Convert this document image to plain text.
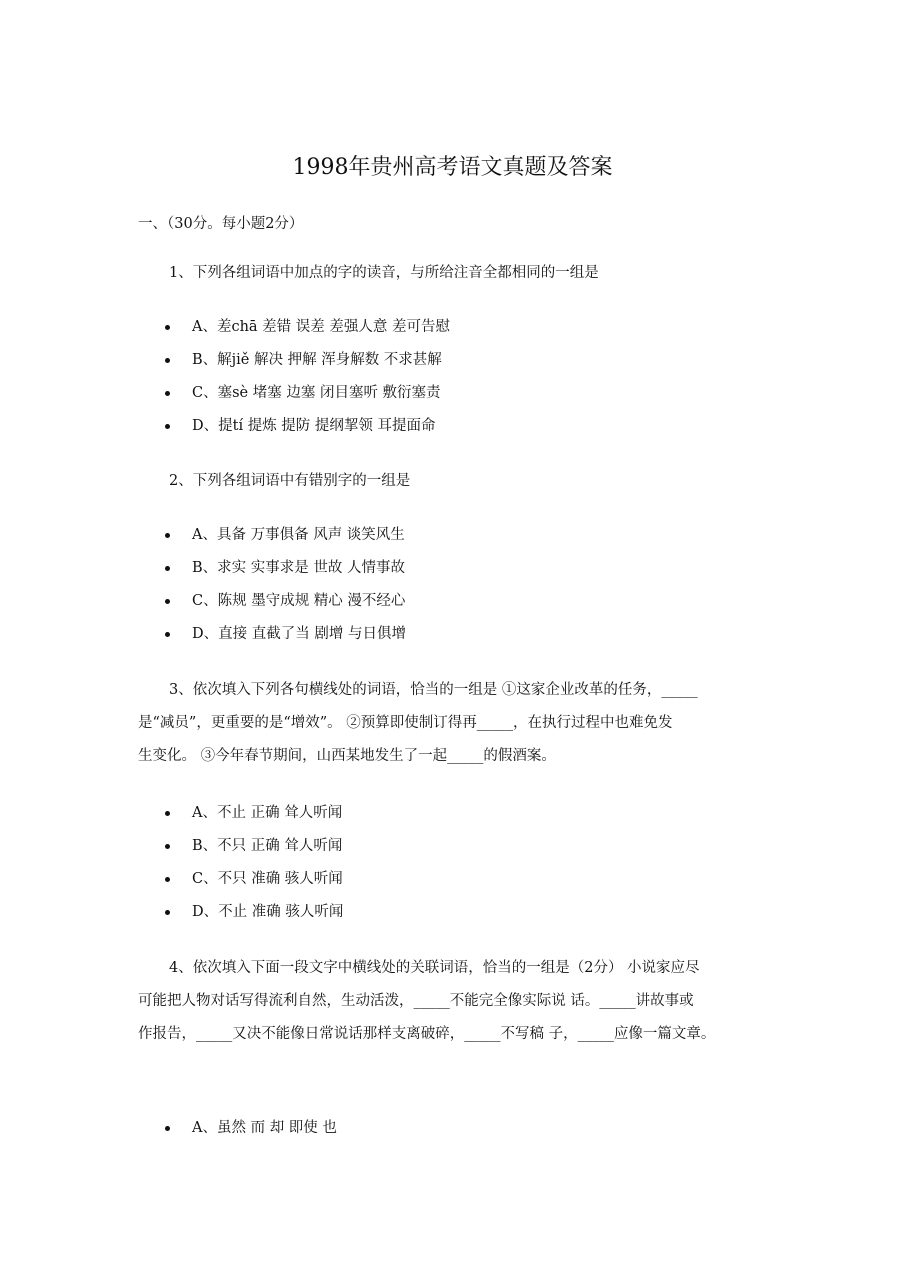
1998年贵州高考语文真题及答案
一、（30分。每小题2分）
1、下列各组词语中加点的字的读音，与所给注音全都相同的一组是
A、差chā 差错 误差 差强人意 差可告慰
B、解jiě 解决 押解 浑身解数 不求甚解
C、塞sè 堵塞 边塞 闭目塞听 敷衍塞责
D、提tí 提炼 提防 提纲挈领 耳提面命
2、下列各组词语中有错别字的一组是
A、具备 万事俱备 风声 谈笑风生
B、求实 实事求是 世故 人情事故
C、陈规 墨守成规 精心 漫不经心
D、直接 直截了当 剧增 与日俱增
3、依次填入下列各句横线处的词语，恰当的一组是 ①这家企业改革的任务，_____
是“减员”，更重要的是“增效”。 ②预算即使制订得再_____，在执行过程中也难免发
生变化。 ③今年春节期间，山西某地发生了一起_____的假酒案。
A、不止 正确 耸人听闻
B、不只 正确 耸人听闻
C、不只 准确 骇人听闻
D、不止 准确 骇人听闻
4、依次填入下面一段文字中横线处的关联词语，恰当的一组是（2分） 小说家应尽
可能把人物对话写得流利自然，生动活泼，_____不能完全像实际说 话。_____讲故事或
作报告，_____又决不能像日常说话那样支离破碎，_____不写稿 子，_____应像一篇文章。
A、虽然 而 却 即使 也
